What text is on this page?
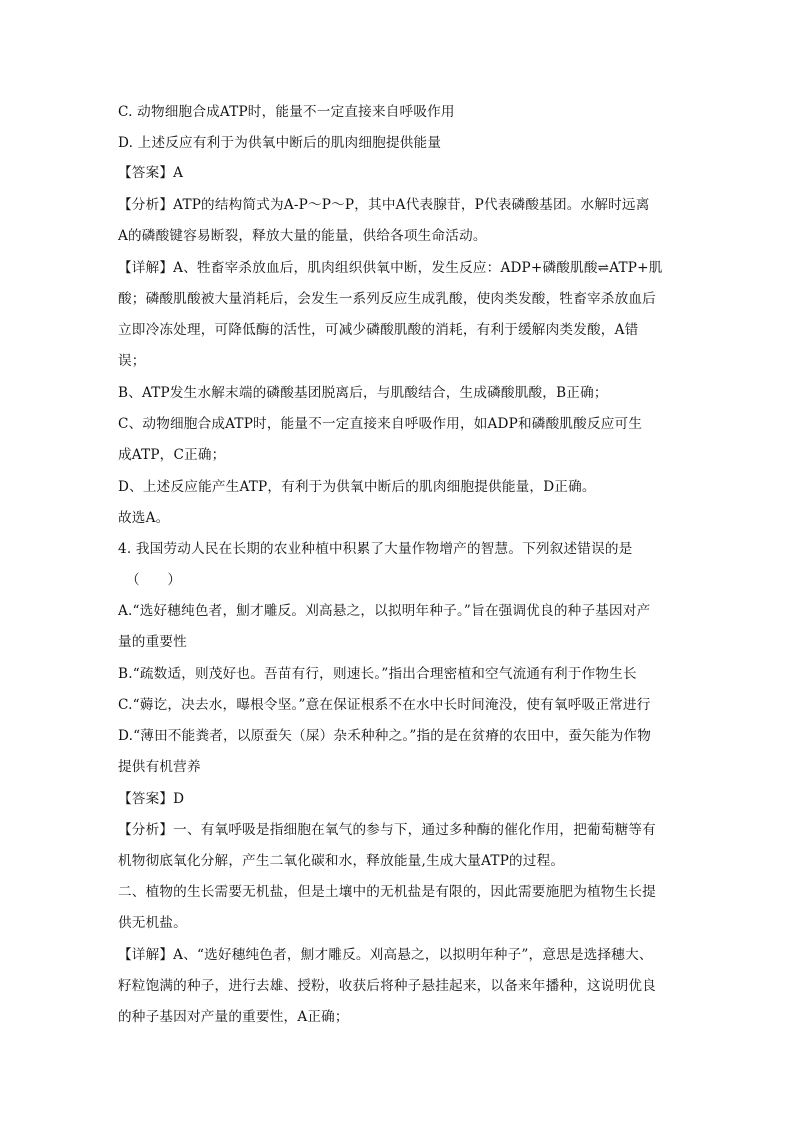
C. 动物细胞合成ATP时，能量不一定直接来自呼吸作用
D. 上述反应有利于为供氧中断后的肌肉细胞提供能量
【答案】A
【分析】ATP的结构简式为A-P～P～P，其中A代表腺苷，P代表磷酸基团。水解时远离
A的磷酸键容易断裂，释放大量的能量，供给各项生命活动。
【详解】A、牲畜宰杀放血后，肌肉组织供氧中断，发生反应：ADP+磷酸肌酸⇌ATP+肌
酸；磷酸肌酸被大量消耗后，会发生一系列反应生成乳酸，使肉类发酸，牲畜宰杀放血后
立即冷冻处理，可降低酶的活性，可减少磷酸肌酸的消耗，有利于缓解肉类发酸，A错
误；
B、ATP发生水解末端的磷酸基团脱离后，与肌酸结合，生成磷酸肌酸，B正确；
C、动物细胞合成ATP时，能量不一定直接来自呼吸作用，如ADP和磷酸肌酸反应可生
成ATP，C正确；
D、上述反应能产生ATP，有利于为供氧中断后的肌肉细胞提供能量，D正确。
故选A。
4. 我国劳动人民在长期的农业种植中积累了大量作物增产的智慧。下列叙述错误的是
（　　）
A.“选好穗纯色者，劁才雕反。刈高悬之，以拟明年种子。”旨在强调优良的种子基因对产
量的重要性
B.“疏数适，则茂好也。吾苗有行，则速长。”指出合理密植和空气流通有利于作物生长
C.“薅讫，决去水，曝根令坚。”意在保证根系不在水中长时间淹没，使有氧呼吸正常进行
D.“薄田不能粪者，以原蚕矢（屎）杂禾种种之。”指的是在贫瘠的农田中，蚕矢能为作物
提供有机营养
【答案】D
【分析】一、有氧呼吸是指细胞在氧气的参与下，通过多种酶的催化作用，把葡萄糖等有
机物彻底氧化分解，产生二氧化碳和水，释放能量,生成大量ATP的过程。
二、植物的生长需要无机盐，但是土壤中的无机盐是有限的，因此需要施肥为植物生长提
供无机盐。
【详解】A、“选好穗纯色者，劁才雕反。刈高悬之，以拟明年种子”，意思是选择穗大、
籽粒饱满的种子，进行去雄、授粉，收获后将种子悬挂起来，以备来年播种，这说明优良
的种子基因对产量的重要性，A正确；
